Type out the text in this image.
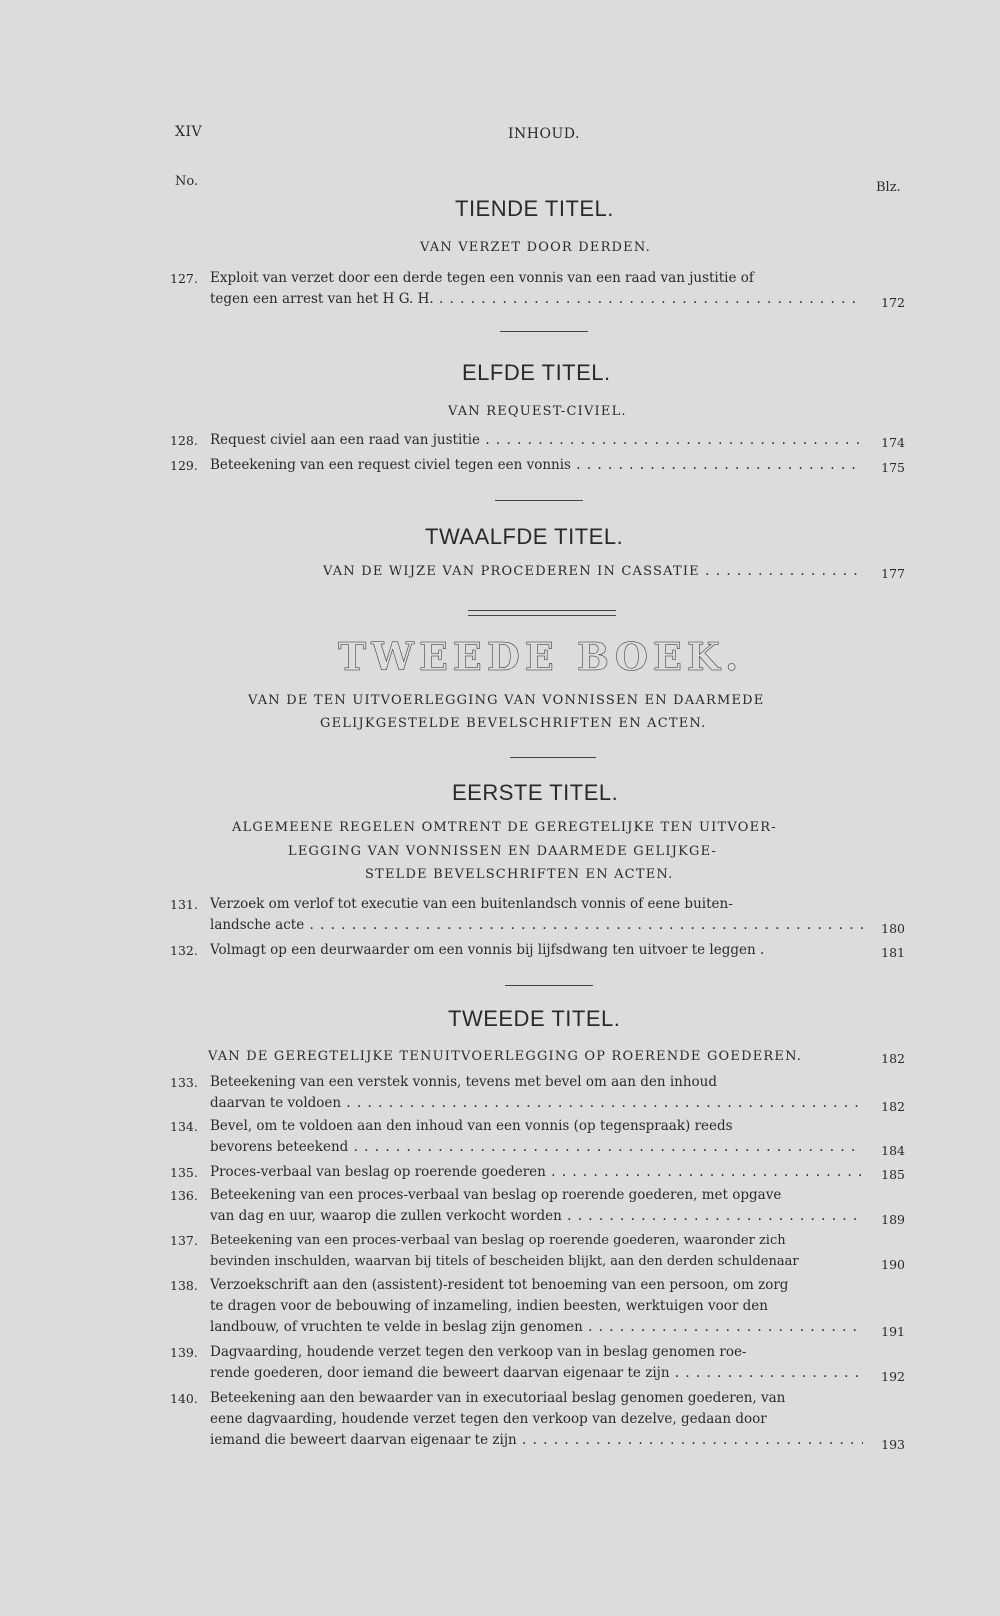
XIV	INHOUD.
No.	Blz.
TIENDE TITEL.
VAN VERZET DOOR DERDEN.
127. Exploit van verzet door een derde tegen een vonnis van een raad van justitie of
tegen een arrest van het H G. H. . . .	172
ELFDE TITEL.
VAN REQUEST-CIVIEL.
128. Request civiel aan een raad van justitie . . .	174
129. Beteekening van een request civiel tegen een vonnis . . .	175
TWAALFDE TITEL.
VAN DE WIJZE VAN PROCEDEREN IN CASSATIE . . .	177
TWEEDE BOEK.
VAN DE TEN UITVOERLEGGING VAN VONNISSEN EN DAARMEDE
GELIJKGESTELDE BEVELSCHRIFTEN EN ACTEN.
EERSTE TITEL.
ALGEMEENE REGELEN OMTRENT DE GEREGTELIJKE TEN UITVOER-
LEGGING VAN VONNISSEN EN DAARMEDE GELIJKGE-
STELDE BEVELSCHRIFTEN EN ACTEN.
131. Verzoek om verlof tot executie van een buitenlandsch vonnis of eene buiten-
landsche acte . . .	180
132. Volmagt op een deurwaarder om een vonnis bij lijfsdwang ten uitvoer te leggen .	181
TWEEDE TITEL.
VAN DE GEREGTELIJKE TENUITVOERLEGGING OP ROERENDE GOEDEREN.	182
133. Beteekening van een verstek vonnis, tevens met bevel om aan den inhoud
daarvan te voldoen . . .	182
134. Bevel, om te voldoen aan den inhoud van een vonnis (op tegenspraak) reeds
bevorens beteekend . . .	184
135. Proces-verbaal van beslag op roerende goederen . . .	185
136. Beteekening van een proces-verbaal van beslag op roerende goederen, met opgave
van dag en uur, waarop die zullen verkocht worden . . .	189
137. Beteekening van een proces-verbaal van beslag op roerende goederen, waaronder zich
bevinden inschulden, waarvan bij titels of bescheiden blijkt, aan den derden schuldenaar	190
138. Verzoekschrift aan den (assistent)-resident tot benoeming van een persoon, om zorg
te dragen voor de bebouwing of inzameling, indien beesten, werktuigen voor den
landbouw, of vruchten te velde in beslag zijn genomen . . .	191
139. Dagvaarding, houdende verzet tegen den verkoop van in beslag genomen roe-
rende goederen, door iemand die beweert daarvan eigenaar te zijn . . .	192
140. Beteekening aan den bewaarder van in executoriaal beslag genomen goederen, van
eene dagvaarding, houdende verzet tegen den verkoop van dezelve, gedaan door
iemand die beweert daarvan eigenaar te zijn . . .	193
